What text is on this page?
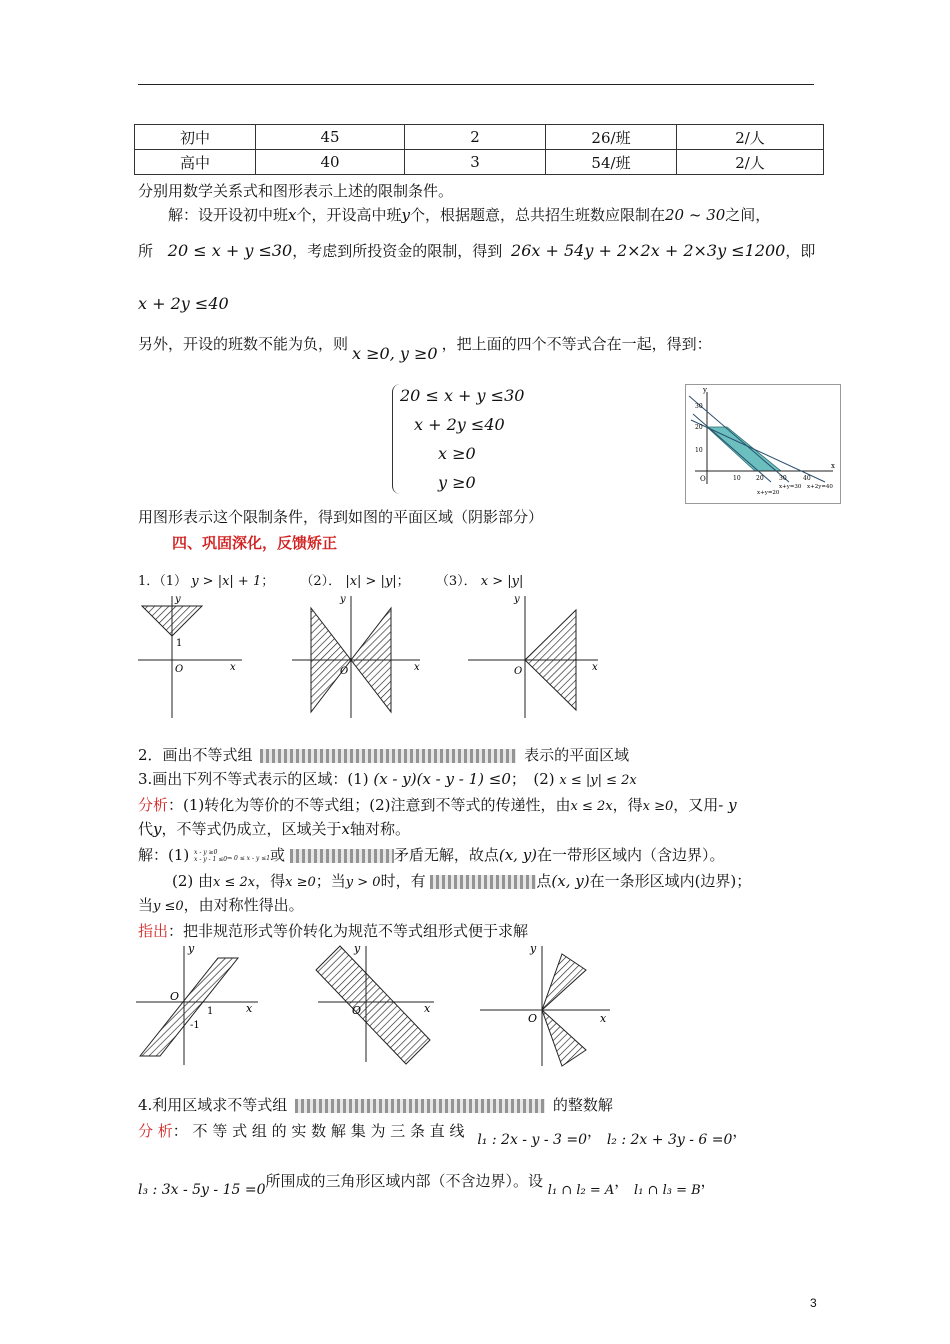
初中	45	2	26/班	2/人
高中	40	3	54/班	2/人
分别用数学关系式和图形表示上述的限制条件。
解：设开设初中班x个，开设高中班y个，根据题意，总共招生班数应限制在20 ~ 30之间，
所 20 ≤ x + y ≤30，考虑到所投资金的限制，得到 26x + 54y + 2×2x + 2×3y ≤1200，即
x + 2y ≤40
另外，开设的班数不能为负，则 x ≥0, y ≥0 ，把上面的四个不等式合在一起，得到：
20 ≤ x + y ≤30
x + 2y ≤40
x ≥0
y ≥0
y
x
O
30
20
10
10	20	30	40
x+y=30 x+2y=40
x+y=20
用图形表示这个限制条件，得到如图的平面区域（阴影部分）
四、巩固深化，反馈矫正
1．（1） y > |x| + 1； （2）． |x| > |y|； （3）． x > |y|
y
x
O
1
y
x
O
y
x
O
2．画出不等式组	表示的平面区域
3.画出下列不等式表示的区域：(1) (x - y)(x - y - 1) ≤0；　(2) x ≤ |y| ≤ 2x
分析：(1)转化为等价的不等式组；(2)注意到不等式的传递性，由x ≤ 2x，得x ≥0，又用- y
代y，不等式仍成立，区域关于x轴对称。
解：(1) x - y ≥0
x - y - 1 ≤0⇒ 0 ≤ x - y ≤1或	矛盾无解，故点(x, y)在一带形区域内（含边界）。
(2) 由x ≤ 2x，得x ≥0；当y > 0时，有	点(x, y)在一条形区域内(边界)；
当y ≤0，由对称性得出。
指出：把非规范形式等价转化为规范不等式组形式便于求解
y
x
O
1
-1
y
x
O
y
x
O
4.利用区域求不等式组	的整数解
分 析： 不 等 式 组 的 实 数 解 集 为 三 条 直 线 l₁ : 2x - y - 3 =0， l₂ : 2x + 3y - 6 =0，
l₃ : 3x - 5y - 15 =0所围成的三角形区域内部（不含边界）。设 l₁ ∩ l₂ = A， l₁ ∩ l₃ = B，
3
